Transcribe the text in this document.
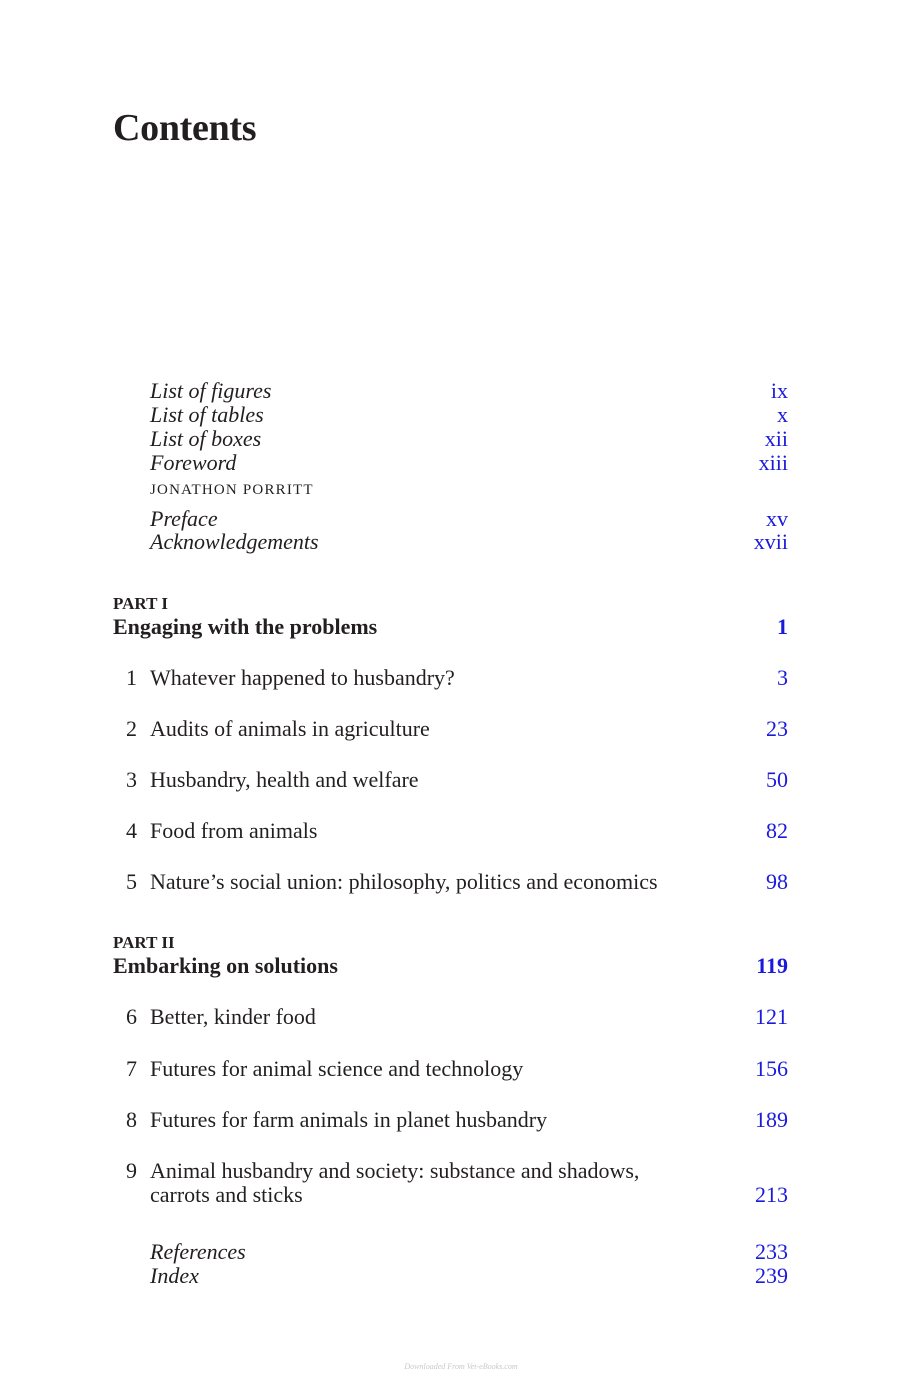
Contents
List of figures	ix
List of tables	x
List of boxes	xii
Foreword	xiii
JONATHON PORRITT
Preface	xv
Acknowledgements	xvii
PART I
Engaging with the problems	1
1 Whatever happened to husbandry?	3
2 Audits of animals in agriculture	23
3 Husbandry, health and welfare	50
4 Food from animals	82
5 Nature’s social union: philosophy, politics and economics	98
PART II
Embarking on solutions	119
6 Better, kinder food	121
7 Futures for animal science and technology	156
8 Futures for farm animals in planet husbandry	189
9 Animal husbandry and society: substance and shadows,
carrots and sticks	213
References	233
Index	239
Downloaded From Vet-eBooks.com
